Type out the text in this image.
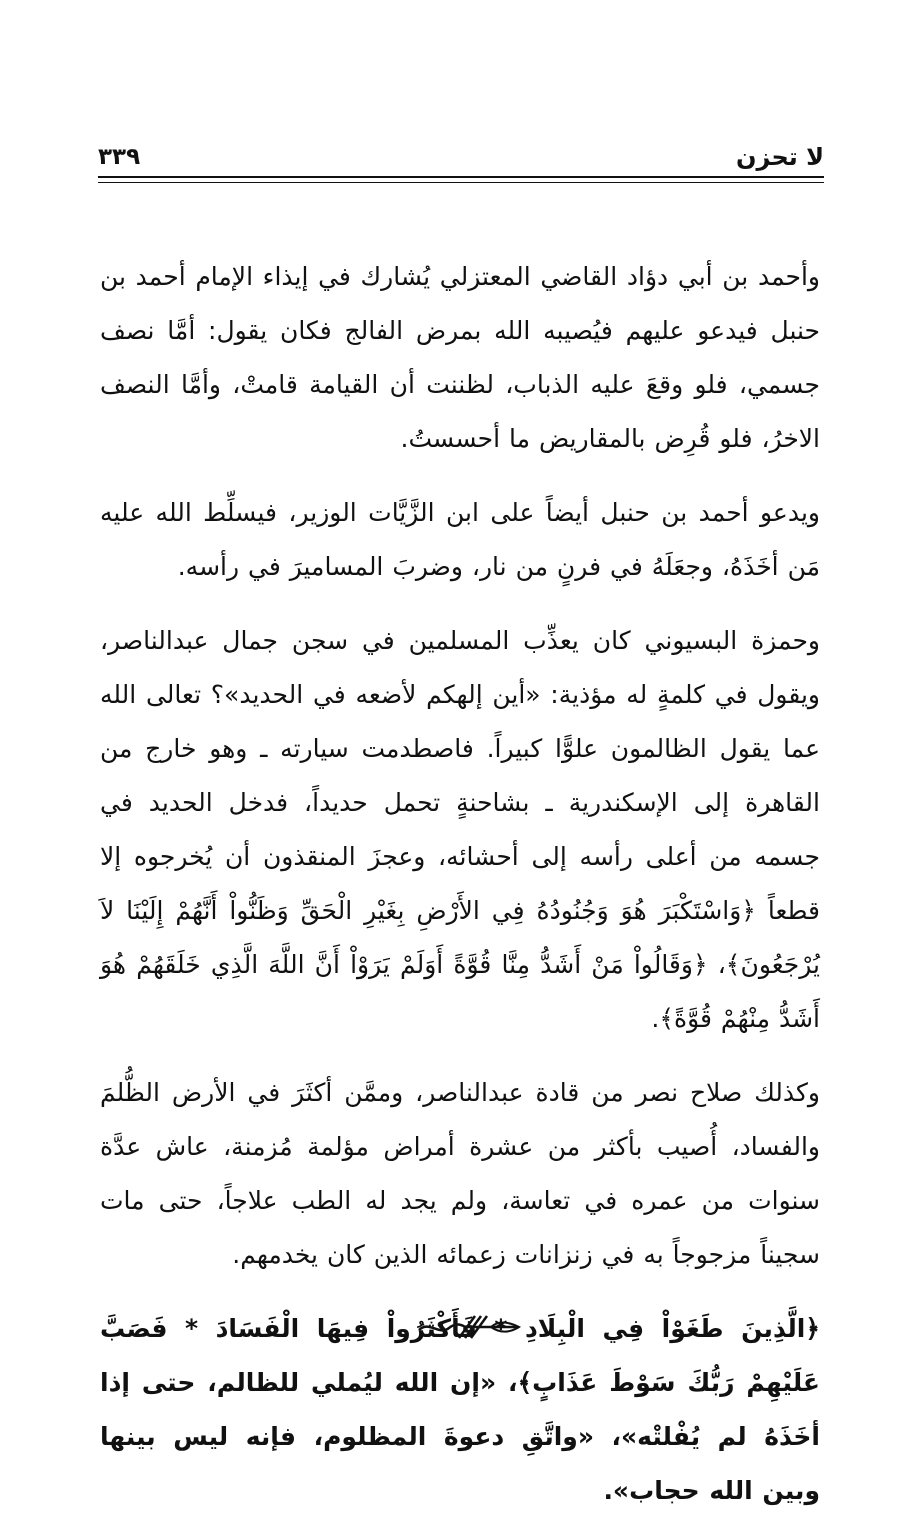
لا تحزن
٣٣٩

وأحمد بن أبي دؤاد القاضي المعتزلي يُشارك في إيذاء الإمام أحمد بن حنبل فيدعو عليهم فيُصيبه الله بمرض الفالج فكان يقول: أمَّا نصف جسمي، فلو وقعَ عليه الذباب، لظننت أن القيامة قامتْ، وأمَّا النصف الاخرُ، فلو قُرِض بالمقاريض ما أحسستُ.

ويدعو أحمد بن حنبل أيضاً على ابن الزَّيَّات الوزير، فيسلِّط الله عليه مَن أخَذَهُ، وجعَلَهُ في فرنٍ من نار، وضربَ المساميرَ في رأسه.

وحمزة البسيوني كان يعذِّب المسلمين في سجن جمال عبدالناصر، ويقول في كلمةٍ له مؤذية: «أين إلهكم لأضعه في الحديد»؟ تعالى الله عما يقول الظالمون علوًّا كبيراً. فاصطدمت سيارته ـ وهو خارج من القاهرة إلى الإسكندرية ـ بشاحنةٍ تحمل حديداً، فدخل الحديد في جسمه من أعلى رأسه إلى أحشائه، وعجزَ المنقذون أن يُخرجوه إلا قطعاً ﴿وَاسْتَكْبَرَ هُوَ وَجُنُودُهُ فِي الأَرْضِ بِغَيْرِ الْحَقِّ وَظَنُّواْ أَنَّهُمْ إِلَيْنَا لاَ يُرْجَعُونَ﴾، ﴿وَقَالُواْ مَنْ أَشَدُّ مِنَّا قُوَّةً أَوَلَمْ يَرَوْاْ أَنَّ اللَّهَ الَّذِي خَلَقَهُمْ هُوَ أَشَدُّ مِنْهُمْ قُوَّةً﴾.

وكذلك صلاح نصر من قادة عبدالناصر، وممَّن أكثَرَ في الأرض الظُّلمَ والفساد، أُصيب بأكثر من عشرة أمراض مؤلمة مُزمنة، عاش عدَّة سنوات من عمره في تعاسة، ولم يجد له الطب علاجاً، حتى مات سجيناً مزجوجاً به في زنزانات زعمائه الذين كان يخدمهم.

﴿الَّذِينَ طَغَوْاْ فِي الْبِلَادِ * فَأَكْثَرُواْ فِيهَا الْفَسَادَ * فَصَبَّ عَلَيْهِمْ رَبُّكَ سَوْطَ عَذَابٍ﴾، «إن الله ليُملي للظالم، حتى إذا أخَذَهُ لم يُفْلتْه»، «واتَّقِ دعوةَ المظلوم، فإنه ليس بينها وبين الله حجاب».
